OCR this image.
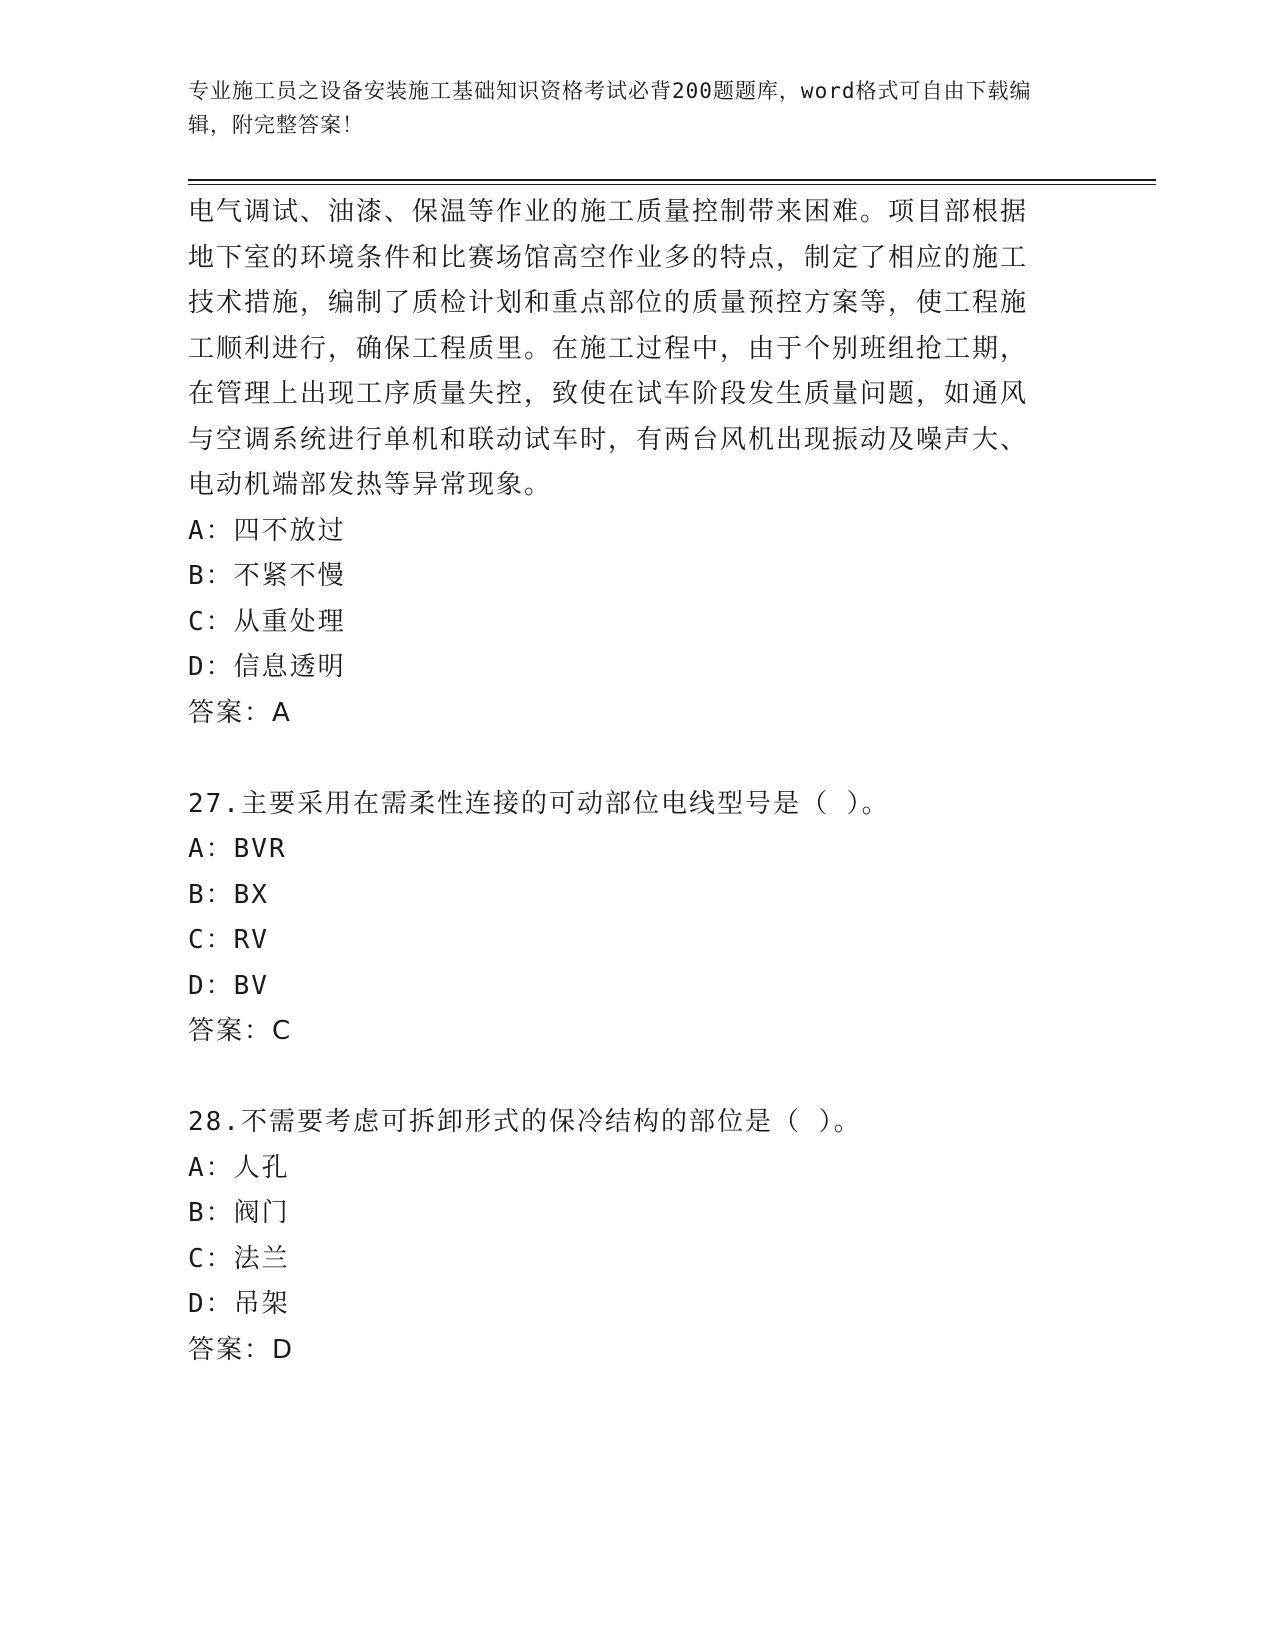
专业施工员之设备安装施工基础知识资格考试必背200题题库，word格式可自由下载编辑，附完整答案！

电气调试、油漆、保温等作业的施工质量控制带来困难。项目部根据

地下室的环境条件和比赛场馆高空作业多的特点，制定了相应的施工

技术措施，编制了质检计划和重点部位的质量预控方案等，使工程施

工顺利进行，确保工程质里。在施工过程中，由于个别班组抢工期，

在管理上出现工序质量失控，致使在试车阶段发生质量问题，如通风

与空调系统进行单机和联动试车时，有两台风机出现振动及噪声大、

电动机端部发热等异常现象。

A：四不放过

B：不紧不慢

C：从重处理

D：信息透明

答案：A

27.主要采用在需柔性连接的可动部位电线型号是（ ）。

A：BVR

B：BX

C：RV

D：BV

答案：C

28.不需要考虑可拆卸形式的保冷结构的部位是（ ）。

A：人孔

B：阀门

C：法兰

D：吊架

答案：D
